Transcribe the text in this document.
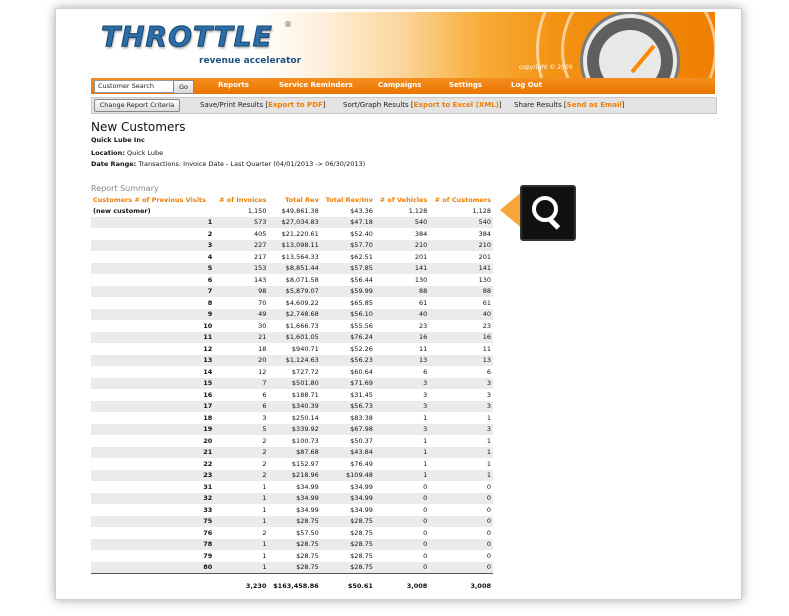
THROTTLE ®
revenue accelerator
copyright © 2009
Customer Search	Go	Reports	Service Reminders	Campaigns	Settings	Log Out
Change Report Criteria	Save/Print Results [Export to PDF] Sort/Graph Results [Export to Excel (XML)] Share Results [Send as Email]
New Customers
Quick Lube Inc
Location: Quick Lube
Date Range: Transactions: Invoice Date - Last Quarter (04/01/2013 -> 06/30/2013)
Report Summary
Customers # of Previous Visits	# of Invoices	Total Rev	Total Rev/Inv	# of Vehicles	# of Customers
(new customer)	1,150	$49,861.38	$43.36	1,128	1,128
1	573	$27,034.83	$47.18	540	540
2	405	$21,220.61	$52.40	384	384
3	227	$13,098.11	$57.70	210	210
4	217	$13,564.33	$62.51	201	201
5	153	$8,851.44	$57.85	141	141
6	143	$8,071.58	$56.44	130	130
7	98	$5,879.07	$59.99	88	88
8	70	$4,609.22	$65.85	61	61
9	49	$2,748.68	$56.10	40	40
10	30	$1,666.73	$55.56	23	23
11	21	$1,601.05	$76.24	16	16
12	18	$940.71	$52.26	11	11
13	20	$1,124.63	$56.23	13	13
14	12	$727.72	$60.64	6	6
15	7	$501.80	$71.69	3	3
16	6	$188.71	$31.45	3	3
17	6	$340.39	$56.73	3	3
18	3	$250.14	$83.38	1	1
19	5	$339.92	$67.98	3	3
20	2	$100.73	$50.37	1	1
21	2	$87.68	$43.84	1	1
22	2	$152.97	$76.49	1	1
23	2	$218.96	$109.48	1	1
31	1	$34.99	$34.99	0	0
32	1	$34.99	$34.99	0	0
33	1	$34.99	$34.99	0	0
75	1	$28.75	$28.75	0	0
76	2	$57.50	$28.75	0	0
78	1	$28.75	$28.75	0	0
79	1	$28.75	$28.75	0	0
80	1	$28.75	$28.75	0	0
	3,230	$163,458.86	$50.61	3,008	3,008
